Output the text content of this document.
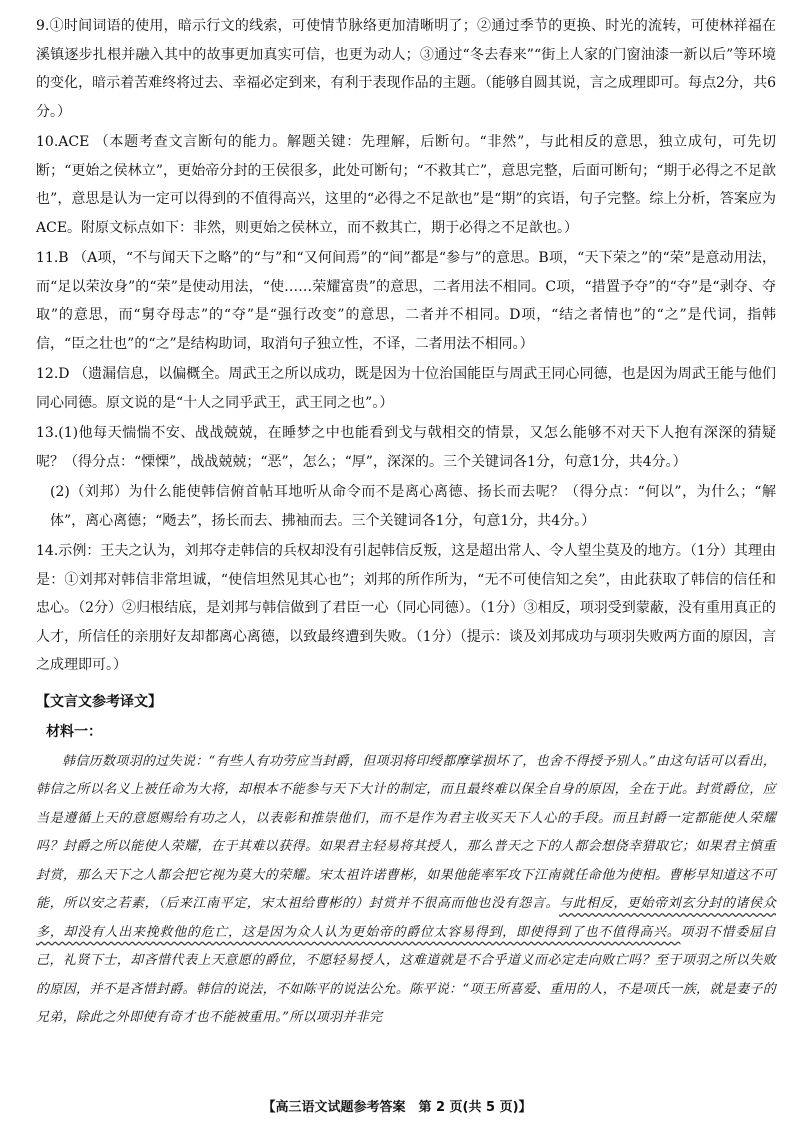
9.①时间词语的使用，暗示行文的线索，可使情节脉络更加清晰明了；②通过季节的更换、时光的流转，可使林祥福在溪镇逐步扎根并融入其中的故事更加真实可信，也更为动人；③通过“冬去春来”“街上人家的门窗油漆一新以后”等环境的变化，暗示着苦难终将过去、幸福必定到来，有利于表现作品的主题。（能够自圆其说，言之成理即可。每点2分，共6分。）

10.ACE （本题考查文言断句的能力。解题关键：先理解，后断句。“非然”，与此相反的意思，独立成句，可先切断；“更始之侯林立”，更始帝分封的王侯很多，此处可断句；“不救其亡”，意思完整，后面可断句；“期于必得之不足歆也”，意思是认为一定可以得到的不值得高兴，这里的“必得之不足歆也”是“期”的宾语，句子完整。综上分析，答案应为ACE。附原文标点如下：非然，则更始之侯林立，而不救其亡，期于必得之不足歆也。）

11.B （A项，“不与闻天下之略”的“与”和“又何间焉”的“间”都是“参与”的意思。B项，“天下荣之”的“荣”是意动用法，而“足以荣汝身”的“荣”是使动用法，“使……荣耀富贵”的意思，二者用法不相同。C项，“措置予夺”的“夺”是“剥夺、夺取”的意思，而“舅夺母志”的“夺”是“强行改变”的意思，二者并不相同。D项，“结之者情也”的“之”是代词，指韩信，“臣之壮也”的“之”是结构助词，取消句子独立性，不译，二者用法不相同。）

12.D （遗漏信息，以偏概全。周武王之所以成功，既是因为十位治国能臣与周武王同心同德，也是因为周武王能与他们同心同德。原文说的是“十人之同乎武王，武王同之也”。）

13.(1)他每天惴惴不安、战战兢兢，在睡梦之中也能看到戈与戟相交的情景，又怎么能够不对天下人抱有深深的猜疑呢？（得分点：“慄慄”，战战兢兢；“恶”，怎么；“厚”，深深的。三个关键词各1分，句意1分，共4分。）

(2)（刘邦）为什么能使韩信俯首帖耳地听从命令而不是离心离德、扬长而去呢？（得分点：“何以”，为什么；“解体”，离心离德；“飏去”，扬长而去、拂袖而去。三个关键词各1分，句意1分，共4分。）

14.示例：王夫之认为，刘邦夺走韩信的兵权却没有引起韩信反叛，这是超出常人、令人望尘莫及的地方。（1分）其理由是：①刘邦对韩信非常坦诚，“使信坦然见其心也”；刘邦的所作所为，“无不可使信知之矣”，由此获取了韩信的信任和忠心。（2分）②归根结底，是刘邦与韩信做到了君臣一心（同心同德）。（1分）③相反，项羽受到蒙蔽，没有重用真正的人才，所信任的亲朋好友却都离心离德，以致最终遭到失败。（1分）（提示：谈及刘邦成功与项羽失败两方面的原因，言之成理即可。）

【文言文参考译文】
材料一：

韩信历数项羽的过失说：“有些人有功劳应当封爵，但项羽将印绶都摩挲损坏了，也舍不得授予别人。”由这句话可以看出，韩信之所以名义上被任命为大将，却根本不能参与天下大计的制定，而且最终难以保全自身的原因，全在于此。封赏爵位，应当是遵循上天的意愿赐给有功之人，以表彰和推崇他们，而不是作为君主收买天下人心的手段。而且封爵一定都能使人荣耀吗？封爵之所以能使人荣耀，在于其难以获得。如果君主轻易将其授人，那么普天之下的人都会想侥幸猎取它；如果君主慎重封赏，那么天下之人都会把它视为莫大的荣耀。宋太祖许诺曹彬，如果他能率军攻下江南就任命他为使相。曹彬早知道这不可能，所以安之若素，（后来江南平定，宋太祖给曹彬的）封赏并不很高而他也没有怨言。与此相反，更始帝刘玄分封的诸侯众多，却没有人出来挽救他的危亡，这是因为众人认为更始帝的爵位太容易得到，即使得到了也不值得高兴。项羽不惜委屈自己，礼贤下士，却吝惜代表上天意愿的爵位，不愿轻易授人，这难道就是不合乎道义而必定走向败亡吗？至于项羽之所以失败的原因，并不是吝惜封爵。韩信的说法，不如陈平的说法公允。陈平说：“项王所喜爱、重用的人，不是项氏一族，就是妻子的兄弟，除此之外即使有奇才也不能被重用。”所以项羽并非完

【高三语文试题参考答案　第 2 页(共 5 页)】
